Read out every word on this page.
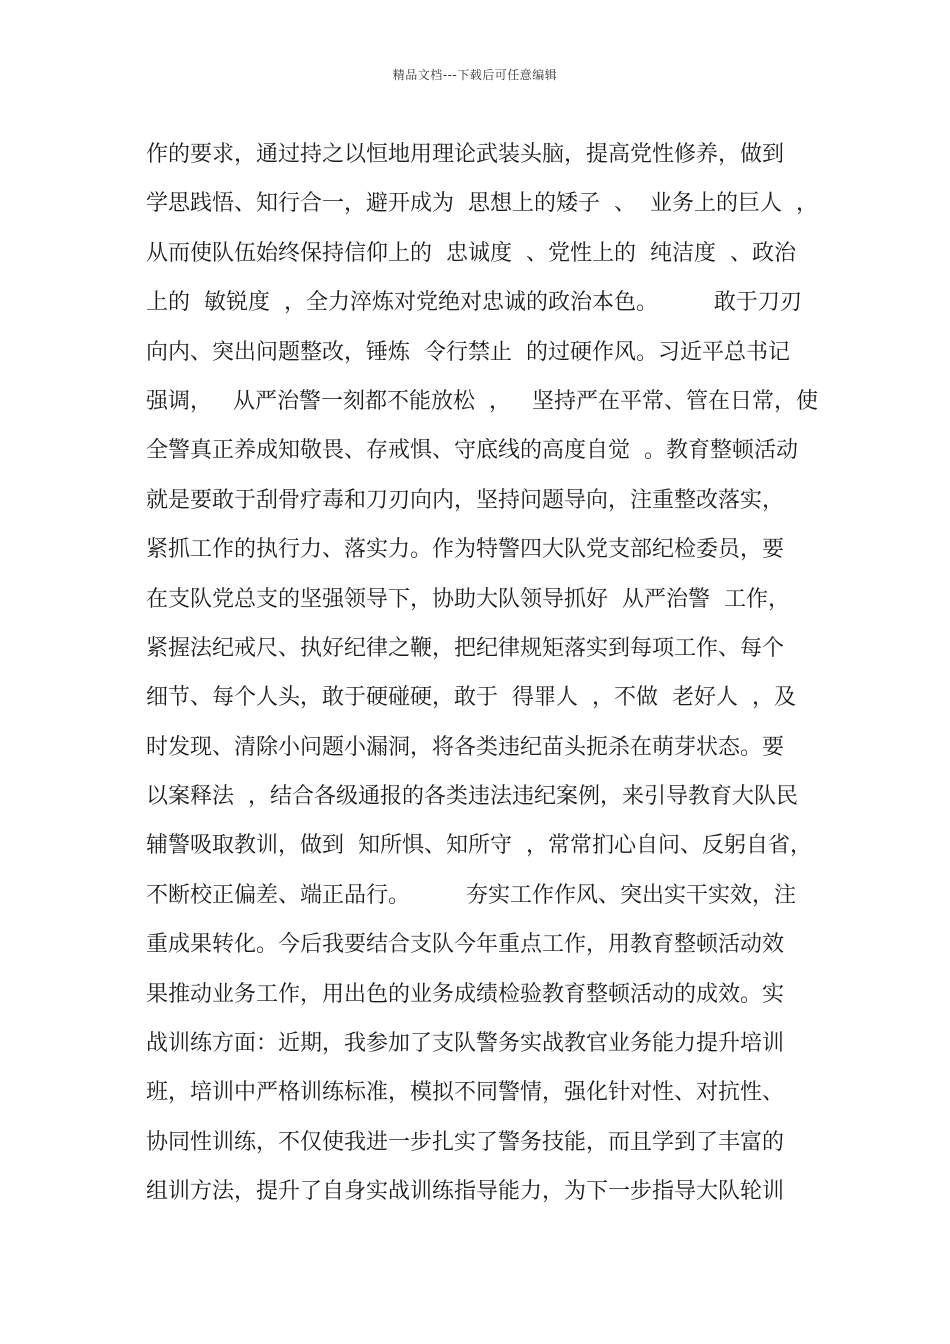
精品文档---下载后可任意编辑
作的要求，通过持之以恒地用理论武装头脑，提高党性修养，做到
学思践悟、知行合一，避开成为  思想上的矮子  、  业务上的巨人  ，
从而使队伍始终保持信仰上的  忠诚度  、党性上的  纯洁度  、政治
上的  敏锐度  ，全力淬炼对党绝对忠诚的政治本色。        敢于刀刃
向内、突出问题整改，锤炼  令行禁止  的过硬作风。习近平总书记
强调，   从严治警一刻都不能放松  ，   坚持严在平常、管在日常，使
全警真正养成知敬畏、存戒惧、守底线的高度自觉  。教育整顿活动
就是要敢于刮骨疗毒和刀刃向内，坚持问题导向，注重整改落实，
紧抓工作的执行力、落实力。作为特警四大队党支部纪检委员，要
在支队党总支的坚强领导下，协助大队领导抓好  从严治警  工作，
紧握法纪戒尺、执好纪律之鞭，把纪律规矩落实到每项工作、每个
细节、每个人头，敢于硬碰硬，敢于  得罪人  ，不做  老好人  ，及
时发现、清除小问题小漏洞，将各类违纪苗头扼杀在萌芽状态。要
以案释法  ，结合各级通报的各类违法违纪案例，来引导教育大队民
辅警吸取教训，做到  知所惧、知所守  ，常常扪心自问、反躬自省，
不断校正偏差、端正品行。        夯实工作作风、突出实干实效，注
重成果转化。今后我要结合支队今年重点工作，用教育整顿活动效
果推动业务工作，用出色的业务成绩检验教育整顿活动的成效。实
战训练方面：近期，我参加了支队警务实战教官业务能力提升培训
班，培训中严格训练标准，模拟不同警情，强化针对性、对抗性、
协同性训练，不仅使我进一步扎实了警务技能，而且学到了丰富的
组训方法，提升了自身实战训练指导能力，为下一步指导大队轮训
